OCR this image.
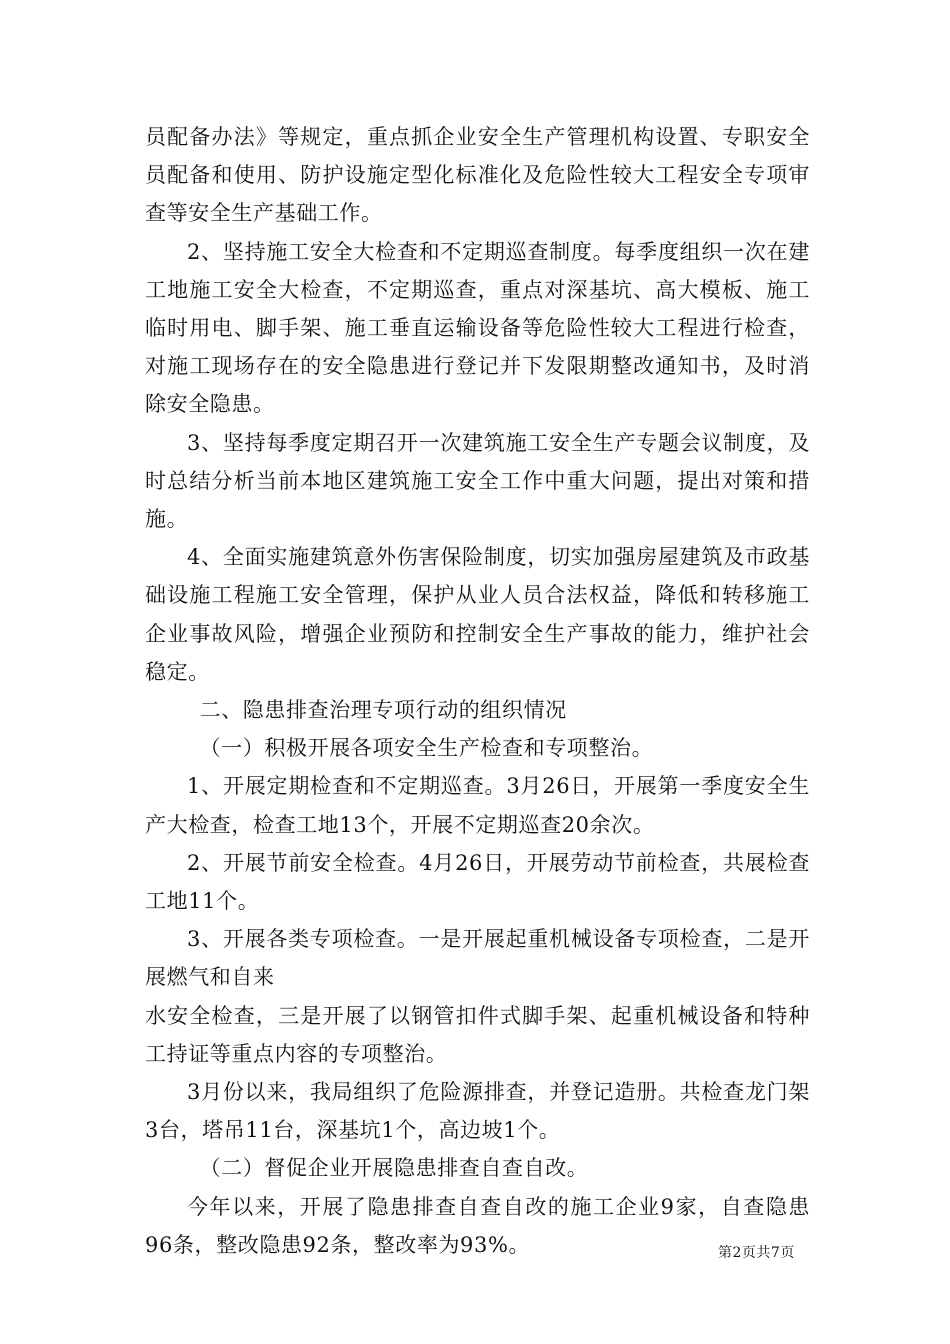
员配备办法》等规定，重点抓企业安全生产管理机构设置、专职安全员配备和使用、防护设施定型化标准化及危险性较大工程安全专项审查等安全生产基础工作。

2、坚持施工安全大检查和不定期巡查制度。每季度组织一次在建工地施工安全大检查，不定期巡查，重点对深基坑、高大模板、施工临时用电、脚手架、施工垂直运输设备等危险性较大工程进行检查，对施工现场存在的安全隐患进行登记并下发限期整改通知书，及时消除安全隐患。

3、坚持每季度定期召开一次建筑施工安全生产专题会议制度，及时总结分析当前本地区建筑施工安全工作中重大问题，提出对策和措施。

4、全面实施建筑意外伤害保险制度，切实加强房屋建筑及市政基础设施工程施工安全管理，保护从业人员合法权益，降低和转移施工企业事故风险，增强企业预防和控制安全生产事故的能力，维护社会稳定。

二、隐患排查治理专项行动的组织情况

（一）积极开展各项安全生产检查和专项整治。

1、开展定期检查和不定期巡查。3月26日，开展第一季度安全生产大检查，检查工地13个，开展不定期巡查20余次。

2、开展节前安全检查。4月26日，开展劳动节前检查，共展检查工地11个。

3、开展各类专项检查。一是开展起重机械设备专项检查，二是开展燃气和自来

水安全检查，三是开展了以钢管扣件式脚手架、起重机械设备和特种工持证等重点内容的专项整治。

3月份以来，我局组织了危险源排查，并登记造册。共检查龙门架3台，塔吊11台，深基坑1个，高边坡1个。

（二）督促企业开展隐患排查自查自改。

今年以来，开展了隐患排查自查自改的施工企业9家，自查隐患96条，整改隐患92条，整改率为93%。	第2页共7页
